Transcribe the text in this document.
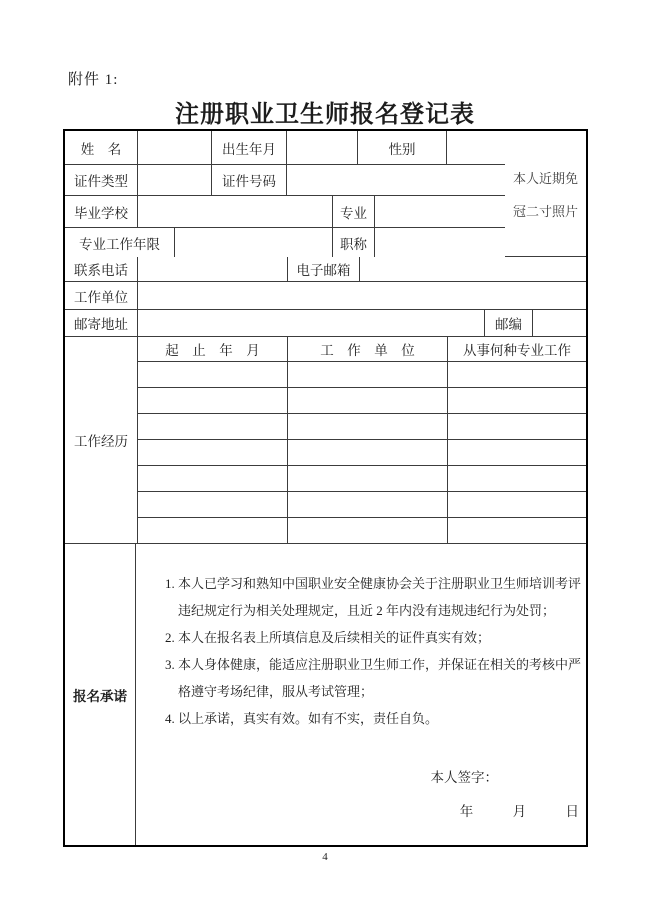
附件 1:
注册职业卫生师报名登记表
姓　名	出生年月	性别
证件类型	证件号码
毕业学校	专业
专业工作年限	职称
本人近期免
冠二寸照片
联系电话	电子邮箱
工作单位
邮寄地址	邮编
工作经历
起　止　年　月	工　作　单　位	从事何种专业工作
报名承诺
1. 本人已学习和熟知中国职业安全健康协会关于注册职业卫生师培训考评违纪规定行为相关处理规定，且近 2 年内没有违规违纪行为处罚；
2. 本人在报名表上所填信息及后续相关的证件真实有效；
3. 本人身体健康，能适应注册职业卫生师工作，并保证在相关的考核中严格遵守考场纪律，服从考试管理；
4. 以上承诺，真实有效。如有不实，责任自负。
本人签字：
年	月	日
4
